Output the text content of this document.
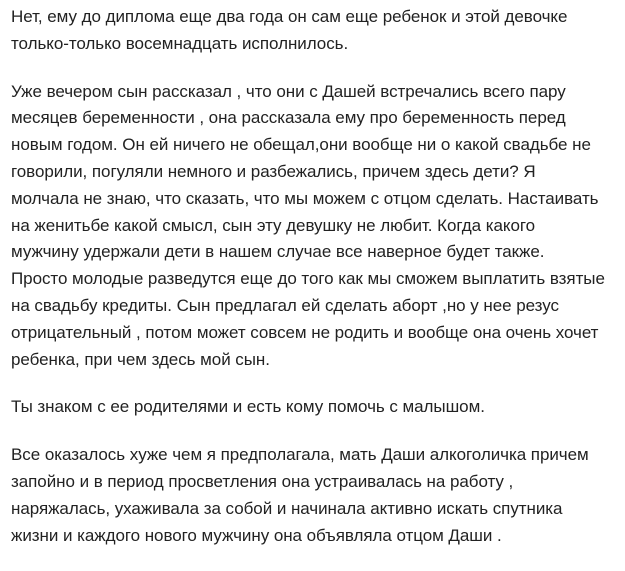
Нет, ему до диплома еще два года он сам еще ребенок и этой девочке
только-только восемнадцать исполнилось.

Уже вечером сын рассказал , что они с Дашей встречались всего пару
месяцев беременности , она рассказала ему про беременность перед
новым годом. Он ей ничего не обещал,они вообще ни о какой свадьбе не
говорили, погуляли немного и разбежались, причем здесь дети? Я
молчала не знаю, что сказать, что мы можем с отцом сделать. Настаивать
на женитьбе какой смысл, сын эту девушку не любит. Когда какого
мужчину удержали дети в нашем случае все наверное будет также.
Просто молодые разведутся еще до того как мы сможем выплатить взятые
на свадьбу кредиты. Сын предлагал ей сделать аборт ,но у нее резус
отрицательный , потом может совсем не родить и вообще она очень хочет
ребенка, при чем здесь мой сын.

Ты знаком с ее родителями и есть кому помочь с малышом.

Все оказалось хуже чем я предполагала, мать Даши алкоголичка причем
запойно и в период просветления она устраивалась на работу ,
наряжалась, ухаживала за собой и начинала активно искать спутника
жизни и каждого нового мужчину она объявляла отцом Даши .
